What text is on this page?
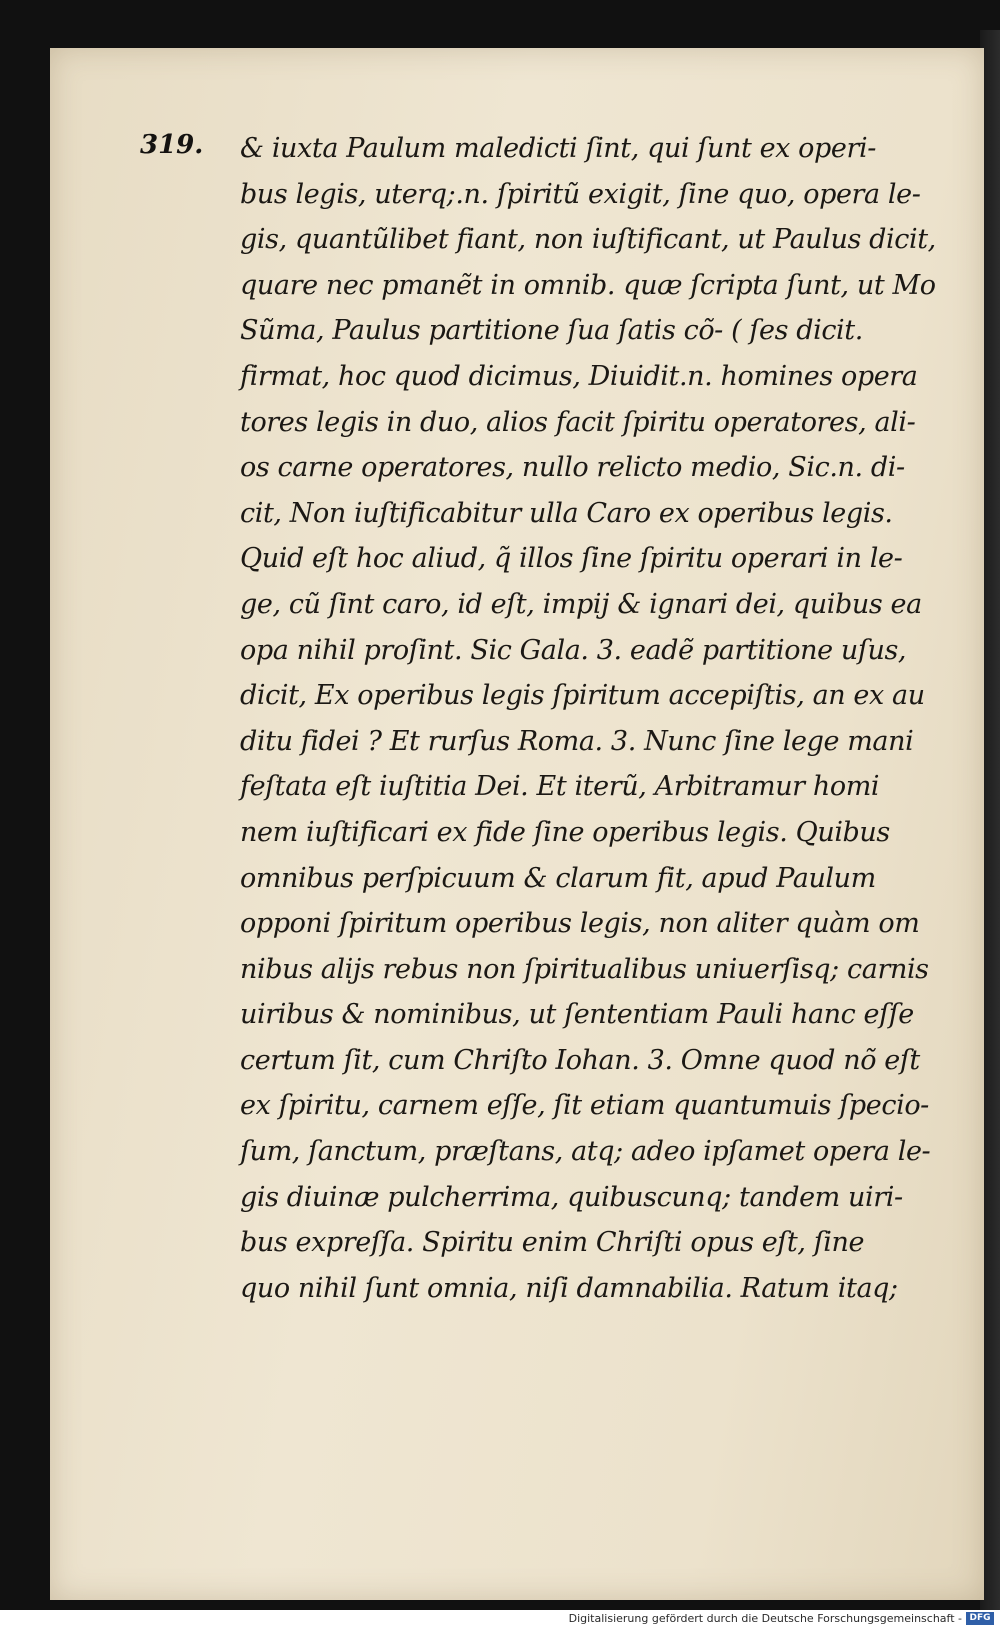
319. & iuxta Paulum maledicti ſint, qui ſunt ex operi-
bus legis, uterq;.n. ſpiritũ exigit, ſine quo, opera le-
gis, quantũlibet fiant, non iuſtificant, ut Paulus dicit,
quare nec pmanẽt in omnib. quæ ſcripta ſunt, ut Mo
Sũma, Paulus partitione ſua ſatis cõ- ( ſes dicit.
firmat, hoc quod dicimus, Diuidit.n. homines opera
tores legis in duo, alios facit ſpiritu operatores, ali-
os carne operatores, nullo relicto medio, Sic.n. di-
cit, Non iuſtificabitur ulla Caro ex operibus legis.
Quid eſt hoc aliud, q̃ illos ſine ſpiritu operari in le-
ge, cũ ſint caro, id eſt, impij & ignari dei, quibus ea
opa nihil proſint. Sic Gala. 3. eadẽ partitione uſus,
dicit, Ex operibus legis ſpiritum accepiſtis, an ex au
ditu fidei ? Et rurſus Roma. 3. Nunc ſine lege mani
feſtata eſt iuſtitia Dei. Et iterũ, Arbitramur homi
nem iuſtificari ex fide ſine operibus legis. Quibus
omnibus perſpicuum & clarum fit, apud Paulum
opponi ſpiritum operibus legis, non aliter quàm om
nibus alijs rebus non ſpiritualibus uniuerſisq; carnis
uiribus & nominibus, ut ſententiam Pauli hanc eſſe
certum ſit, cum Chriſto Iohan. 3. Omne quod nõ eſt
ex ſpiritu, carnem eſſe, ſit etiam quantumuis ſpecio-
ſum, ſanctum, præſtans, atq; adeo ipſamet opera le-
gis diuinæ pulcherrima, quibuscunq; tandem uiri-
bus expreſſa. Spiritu enim Chriſti opus eſt, ſine
quo nihil ſunt omnia, niſi damnabilia. Ratum itaq;
Digitalisierung gefördert durch die Deutsche Forschungsgemeinschaft - DFG
